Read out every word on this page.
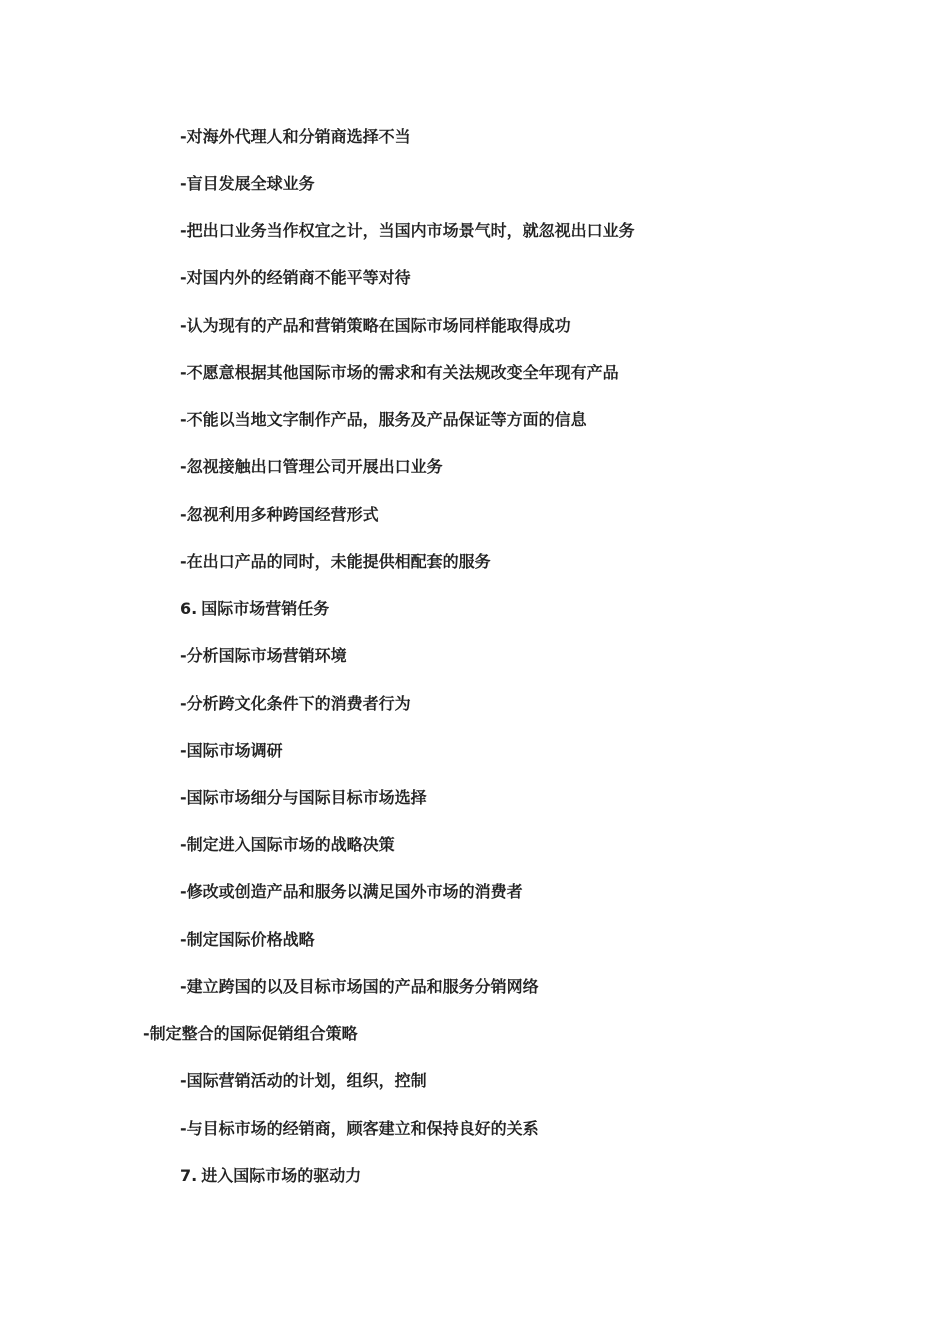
-对海外代理人和分销商选择不当
-盲目发展全球业务
-把出口业务当作权宜之计，当国内市场景气时，就忽视出口业务
-对国内外的经销商不能平等对待
-认为现有的产品和营销策略在国际市场同样能取得成功
-不愿意根据其他国际市场的需求和有关法规改变全年现有产品
-不能以当地文字制作产品，服务及产品保证等方面的信息
-忽视接触出口管理公司开展出口业务
-忽视利用多种跨国经营形式
-在出口产品的同时，未能提供相配套的服务
6. 国际市场营销任务
-分析国际市场营销环境
-分析跨文化条件下的消费者行为
-国际市场调研
-国际市场细分与国际目标市场选择
-制定进入国际市场的战略决策
-修改或创造产品和服务以满足国外市场的消费者
-制定国际价格战略
-建立跨国的以及目标市场国的产品和服务分销网络
-制定整合的国际促销组合策略
-国际营销活动的计划，组织，控制
-与目标市场的经销商，顾客建立和保持良好的关系
7. 进入国际市场的驱动力
